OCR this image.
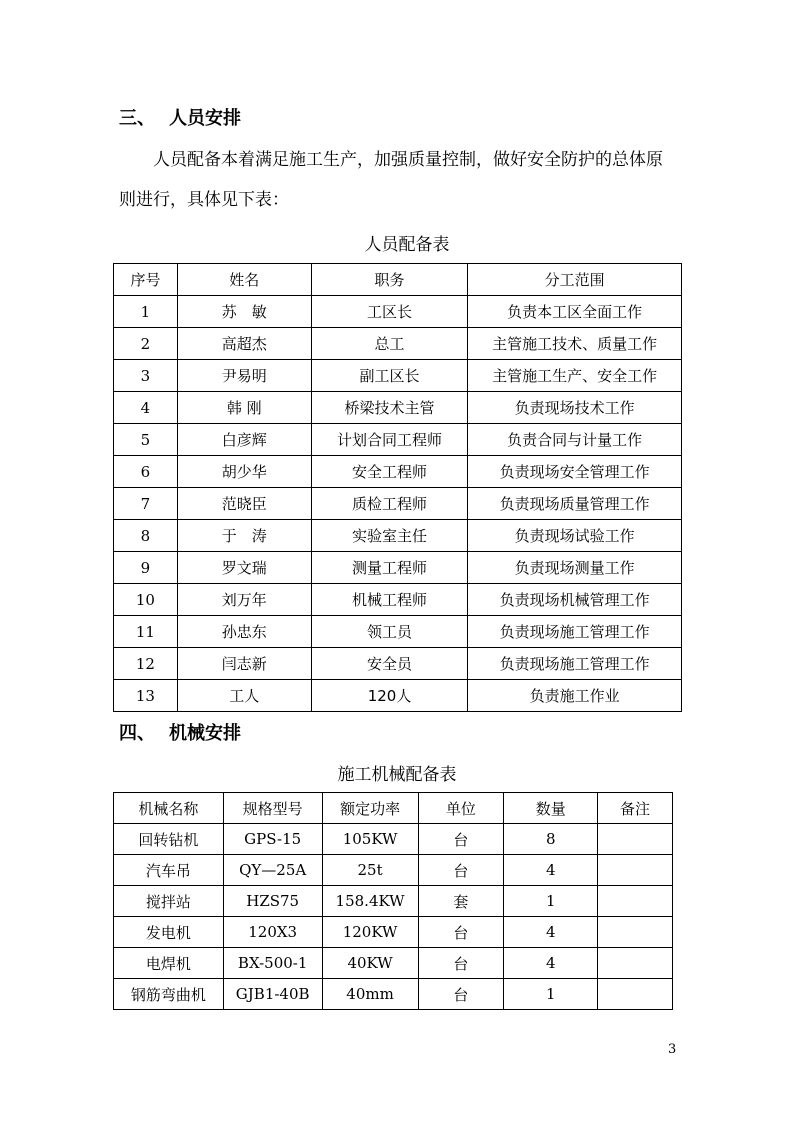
三、 人员安排
人员配备本着满足施工生产，加强质量控制，做好安全防护的总体原则进行，具体见下表：
人员配备表
序号	姓名	职务	分工范围
1	苏　敏	工区长	负责本工区全面工作
2	高超杰	总工	主管施工技术、质量工作
3	尹易明	副工区长	主管施工生产、安全工作
4	韩 刚	桥梁技术主管	负责现场技术工作
5	白彦辉	计划合同工程师	负责合同与计量工作
6	胡少华	安全工程师	负责现场安全管理工作
7	范晓臣	质检工程师	负责现场质量管理工作
8	于　涛	实验室主任	负责现场试验工作
9	罗文瑞	测量工程师	负责现场测量工作
10	刘万年	机械工程师	负责现场机械管理工作
11	孙忠东	领工员	负责现场施工管理工作
12	闫志新	安全员	负责现场施工管理工作
13	工人	120人	负责施工作业
四、 机械安排
施工机械配备表
机械名称	规格型号	额定功率	单位	数量	备注
回转钻机	GPS-15	105KW	台	8	
汽车吊	QY—25A	25t	台	4	
搅拌站	HZS75	158.4KW	套	1	
发电机	120X3	120KW	台	4	
电焊机	BX-500-1	40KW	台	4	
钢筋弯曲机	GJB1-40B	40mm	台	1	
3
